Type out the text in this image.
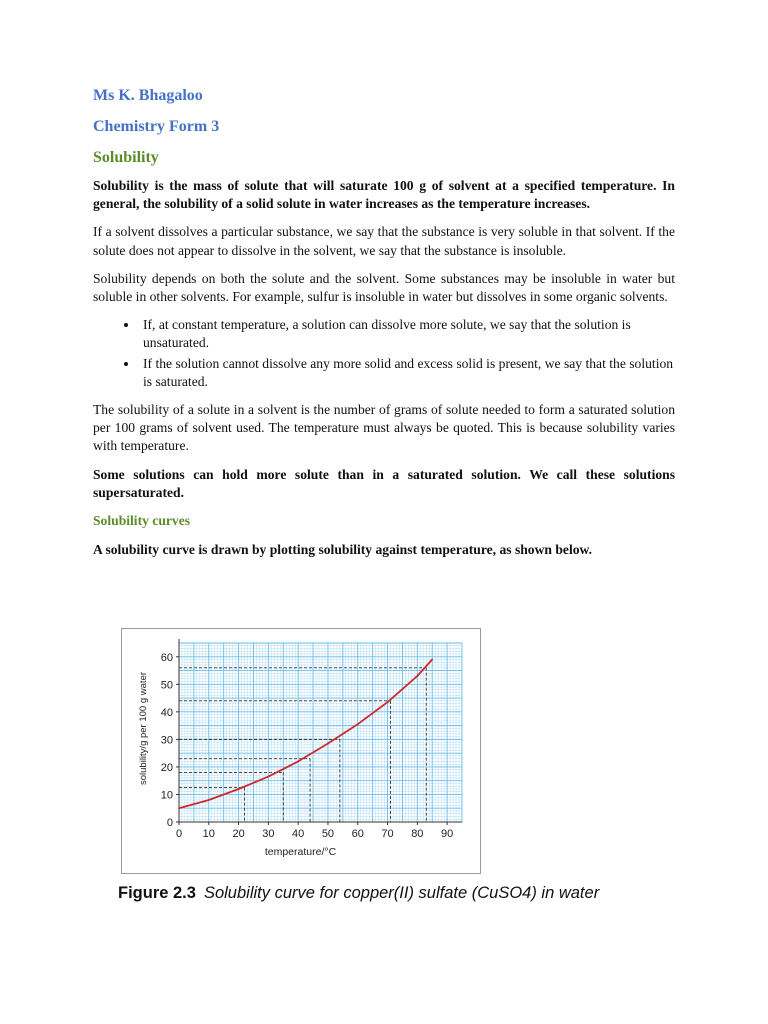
Ms K. Bhagaloo
Chemistry Form 3
Solubility

Solubility is the mass of solute that will saturate 100 g of solvent at a specified temperature. In general, the solubility of a solid solute in water increases as the temperature increases.

If a solvent dissolves a particular substance, we say that the substance is very soluble in that solvent. If the solute does not appear to dissolve in the solvent, we say that the substance is insoluble.

Solubility depends on both the solute and the solvent. Some substances may be insoluble in water but soluble in other solvents. For example, sulfur is insoluble in water but dissolves in some organic solvents.

• If, at constant temperature, a solution can dissolve more solute, we say that the solution is unsaturated.
• If the solution cannot dissolve any more solid and excess solid is present, we say that the solution is saturated.

The solubility of a solute in a solvent is the number of grams of solute needed to form a saturated solution per 100 grams of solvent used. The temperature must always be quoted. This is because solubility varies with temperature.

Some solutions can hold more solute than in a saturated solution. We call these solutions supersaturated.

Solubility curves

A solubility curve is drawn by plotting solubility against temperature, as shown below.

0 10 20 30 40 50 60 70 80 90
0
10
20
30
40
50
60
temperature/°C
solubility/g per 100 g water
Figure 2.3 Solubility curve for copper(II) sulfate (CuSO4) in water
